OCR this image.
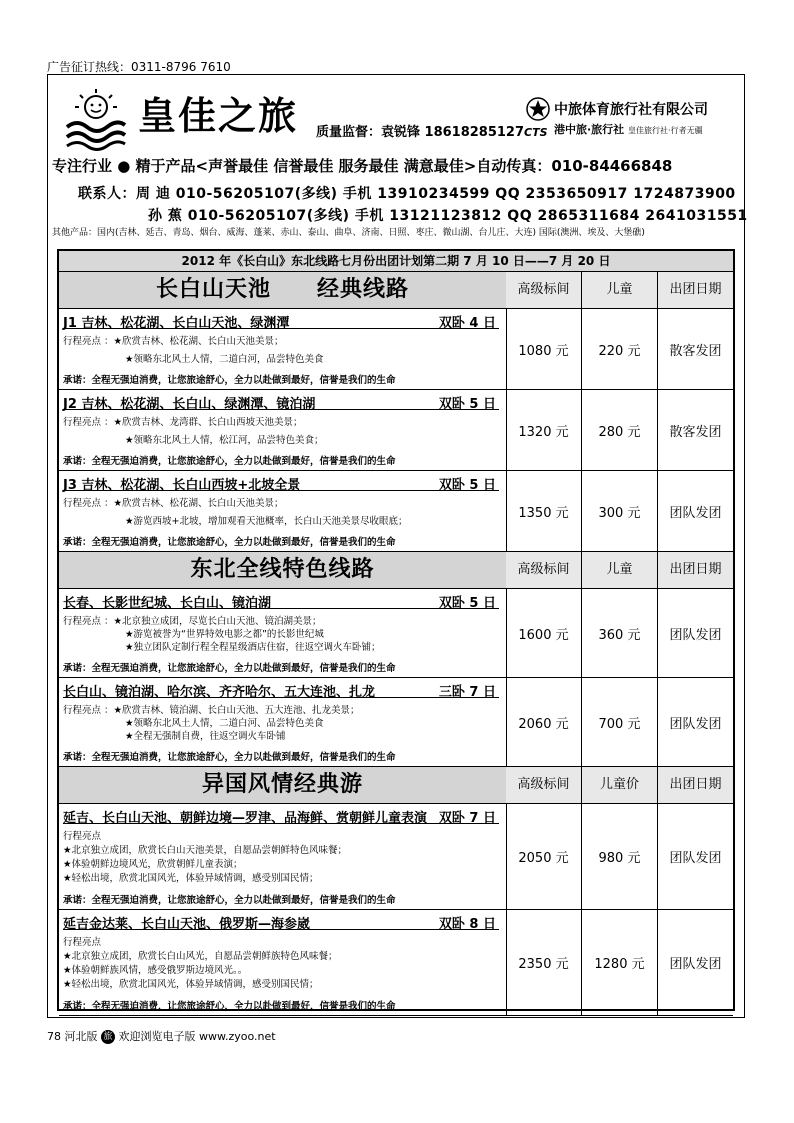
广告征订热线：0311-8796 7610
皇佳之旅 质量监督：袁锐锋 18618285127CTS
中旅体育旅行社有限公司
港中旅·旅行社 皇佳旅行社·行者无疆
专注行业 ● 精于产品<声誉最佳 信誉最佳 服务最佳 满意最佳>自动传真：010-84466848
联系人：周 迪 010-56205107(多线) 手机 13910234599 QQ 2353650917 1724873900
孙 蕉 010-56205107(多线) 手机 13121123812 QQ 2865311684 2641031551
其他产品：国内(吉林、延吉、青岛、烟台、威海、蓬莱、赤山、泰山、曲阜、济南、日照、枣庄、微山湖、台儿庄、大连) 国际(澳洲、埃及、大堡礁)
2012 年《长白山》东北线路七月份出团计划第二期 7 月 10 日——7 月 20 日
长白山天池　　经典线路	高级标间	儿童	出团日期
J1 吉林、松花湖、长白山天池、绿渊潭	双卧 4 日
行程亮点 ：★欣赏吉林、松花湖、长白山天池美景；
★领略东北风土人情，二道白河，品尝特色美食
承诺：全程无强迫消费，让您旅途舒心，全力以赴做到最好，信誉是我们的生命
1080 元	220 元	散客发团
J2 吉林、松花湖、长白山、绿渊潭、镜泊湖	双卧 5 日
行程亮点 ：★欣赏吉林、龙湾群、长白山西坡天池美景；
★领略东北风土人情，松江河，品尝特色美食；
承诺：全程无强迫消费，让您旅途舒心，全力以赴做到最好，信誉是我们的生命
1320 元	280 元	散客发团
J3 吉林、松花湖、长白山西坡+北坡全景	双卧 5 日
行程亮点 ：★欣赏吉林、松花湖、长白山天池美景；
★游览西坡+北坡，增加观看天池概率，长白山天池美景尽收眼底；
承诺：全程无强迫消费，让您旅途舒心，全力以赴做到最好，信誉是我们的生命
1350 元	300 元	团队发团
东北全线特色线路	高级标间	儿童	出团日期
长春、长影世纪城、长白山、镜泊湖	双卧 5 日
行程亮点 ：★北京独立成团，尽览长白山天池、镜泊湖美景；
★游览被誉为“世界特效电影之都”的长影世纪城
★独立团队定制行程全程星级酒店住宿，往返空调火车卧铺；
承诺：全程无强迫消费，让您旅途舒心，全力以赴做到最好，信誉是我们的生命
1600 元	360 元	团队发团
长白山、镜泊湖、哈尔滨、齐齐哈尔、五大连池、扎龙	三卧 7 日
行程亮点 ：★欣赏吉林、镜泊湖、长白山天池、五大连池、扎龙美景；
★领略东北风土人情，二道白河、品尝特色美食
★全程无强制自费，往返空调火车卧铺
承诺：全程无强迫消费，让您旅途舒心，全力以赴做到最好，信誉是我们的生命
2060 元	700 元	团队发团
异国风情经典游	高级标间	儿童价	出团日期
延吉、长白山天池、朝鲜边境—罗津、品海鲜、赏朝鲜儿童表演 双卧 7 日
行程亮点
★北京独立成团，欣赏长白山天池美景，自愿品尝朝鲜特色风味餐；
★体验朝鲜边境风光，欣赏朝鲜儿童表演；
★轻松出境，欣赏北国风光，体验异域情调，感受别国民情；
承诺：全程无强迫消费，让您旅途舒心，全力以赴做到最好，信誉是我们的生命
2050 元	980 元	团队发团
延吉金达莱、长白山天池、俄罗斯—海参崴	双卧 8 日
行程亮点
★北京独立成团，欣赏长白山风光，自愿品尝朝鲜族特色风味餐；
★体验朝鲜族风情，感受俄罗斯边境风光。。
★轻松出境，欣赏北国风光，体验异域情调，感受别国民情；
承诺：全程无强迫消费，让您旅途舒心，全力以赴做到最好，信誉是我们的生命
2350 元	1280 元	团队发团
78 河北版 旅 欢迎浏览电子版 www.zyoo.net
